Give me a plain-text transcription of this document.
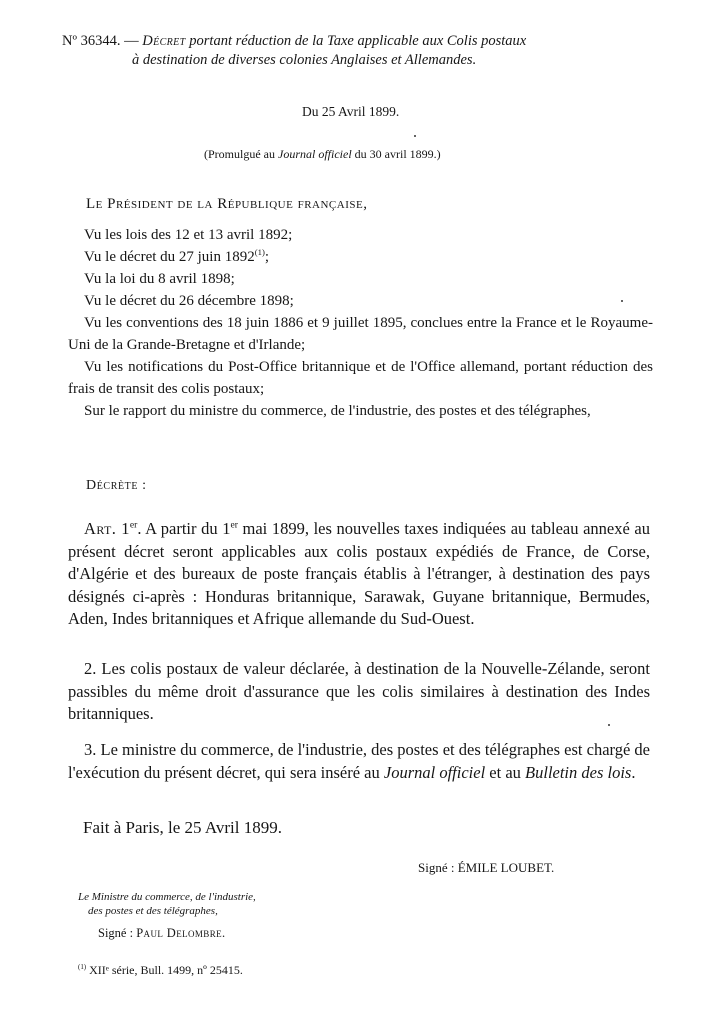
Nº 36344. — Décret portant réduction de la Taxe applicable aux Colis postaux
à destination de diverses colonies Anglaises et Allemandes.
Du 25 Avril 1899.
(Promulgué au Journal officiel du 30 avril 1899.)
Le Président de la République française,

Vu les lois des 12 et 13 avril 1892;

Vu le décret du 27 juin 1892$^{(1)}$;

Vu la loi du 8 avril 1898;

Vu le décret du 26 décembre 1898;

Vu les conventions des 18 juin 1886 et 9 juillet 1895, conclues entre la France et le Royaume-Uni de la Grande-Bretagne et d'Irlande;

Vu les notifications du Post-Office britannique et de l'Office allemand, portant réduction des frais de transit des colis postaux;

Sur le rapport du ministre du commerce, de l'industrie, des postes et des télégraphes,

Décrète :

Art. 1er. A partir du 1er mai 1899, les nouvelles taxes indiquées au tableau annexé au présent décret seront applicables aux colis postaux expédiés de France, de Corse, d'Algérie et des bureaux de poste français établis à l'étranger, à destination des pays désignés ci-après : Honduras britannique, Sarawak, Guyane britannique, Bermudes, Aden, Indes britanniques et Afrique allemande du Sud-Ouest.

2. Les colis postaux de valeur déclarée, à destination de la Nouvelle-Zélande, seront passibles du même droit d'assurance que les colis similaires à destination des Indes britanniques.

3. Le ministre du commerce, de l'industrie, des postes et des télégraphes est chargé de l'exécution du présent décret, qui sera inséré au Journal officiel et au Bulletin des lois.

Fait à Paris, le 25 Avril 1899.
Signé : ÉMILE LOUBET.
Le Ministre du commerce, de l'industrie,
des postes et des télégraphes,
Signé : Paul Delombre.
$^{(1)}$ XIIᵉ série, Bull. 1499, nº 25415.
